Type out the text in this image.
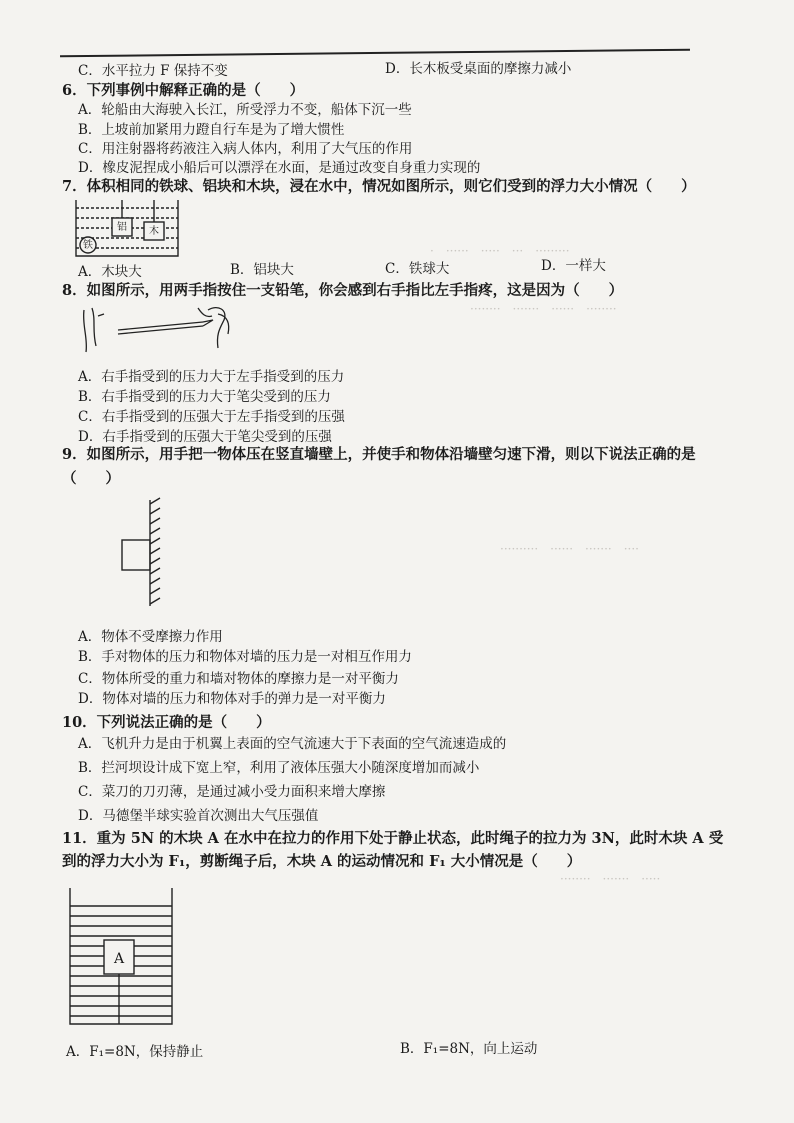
·　······　·····　···　·········
········　·······　······　········
··········　······　·······　····
········　·······　·····
C．水平拉力 F 保持不变	D．长木板受桌面的摩擦力减小
6．下列事例中解释正确的是（　　）
A．轮船由大海驶入长江，所受浮力不变，船体下沉一些
B．上坡前加紧用力蹬自行车是为了增大惯性
C．用注射器将药液注入病人体内，利用了大气压的作用
D．橡皮泥捏成小船后可以漂浮在水面，是通过改变自身重力实现的
7．体积相同的铁球、铝块和木块，浸在水中，情况如图所示，则它们受到的浮力大小情况（　　）
铝 木
铁
A．木块大	B．铝块大	C．铁球大	D．一样大
8．如图所示，用两手指按住一支铅笔，你会感到右手指比左手指疼，这是因为（　　）
A．右手指受到的压力大于左手指受到的压力
B．右手指受到的压力大于笔尖受到的压力
C．右手指受到的压强大于左手指受到的压强
D．右手指受到的压强大于笔尖受到的压强
9．如图所示，用手把一物体压在竖直墙壁上，并使手和物体沿墙壁匀速下滑，则以下说法正确的是
（　　）
A．物体不受摩擦力作用
B．手对物体的压力和物体对墙的压力是一对相互作用力
C．物体所受的重力和墙对物体的摩擦力是一对平衡力
D．物体对墙的压力和物体对手的弹力是一对平衡力
10．下列说法正确的是（　　）
A．飞机升力是由于机翼上表面的空气流速大于下表面的空气流速造成的
B．拦河坝设计成下宽上窄，利用了液体压强大小随深度增加而减小
C．菜刀的刀刃薄，是通过减小受力面积来增大摩擦
D．马德堡半球实验首次测出大气压强值
11．重为 5N 的木块 A 在水中在拉力的作用下处于静止状态，此时绳子的拉力为 3N，此时木块 A 受
到的浮力大小为 F₁，剪断绳子后，木块 A 的运动情况和 F₁ 大小情况是（　　）
A
A．F₁=8N，保持静止	B．F₁=8N，向上运动
